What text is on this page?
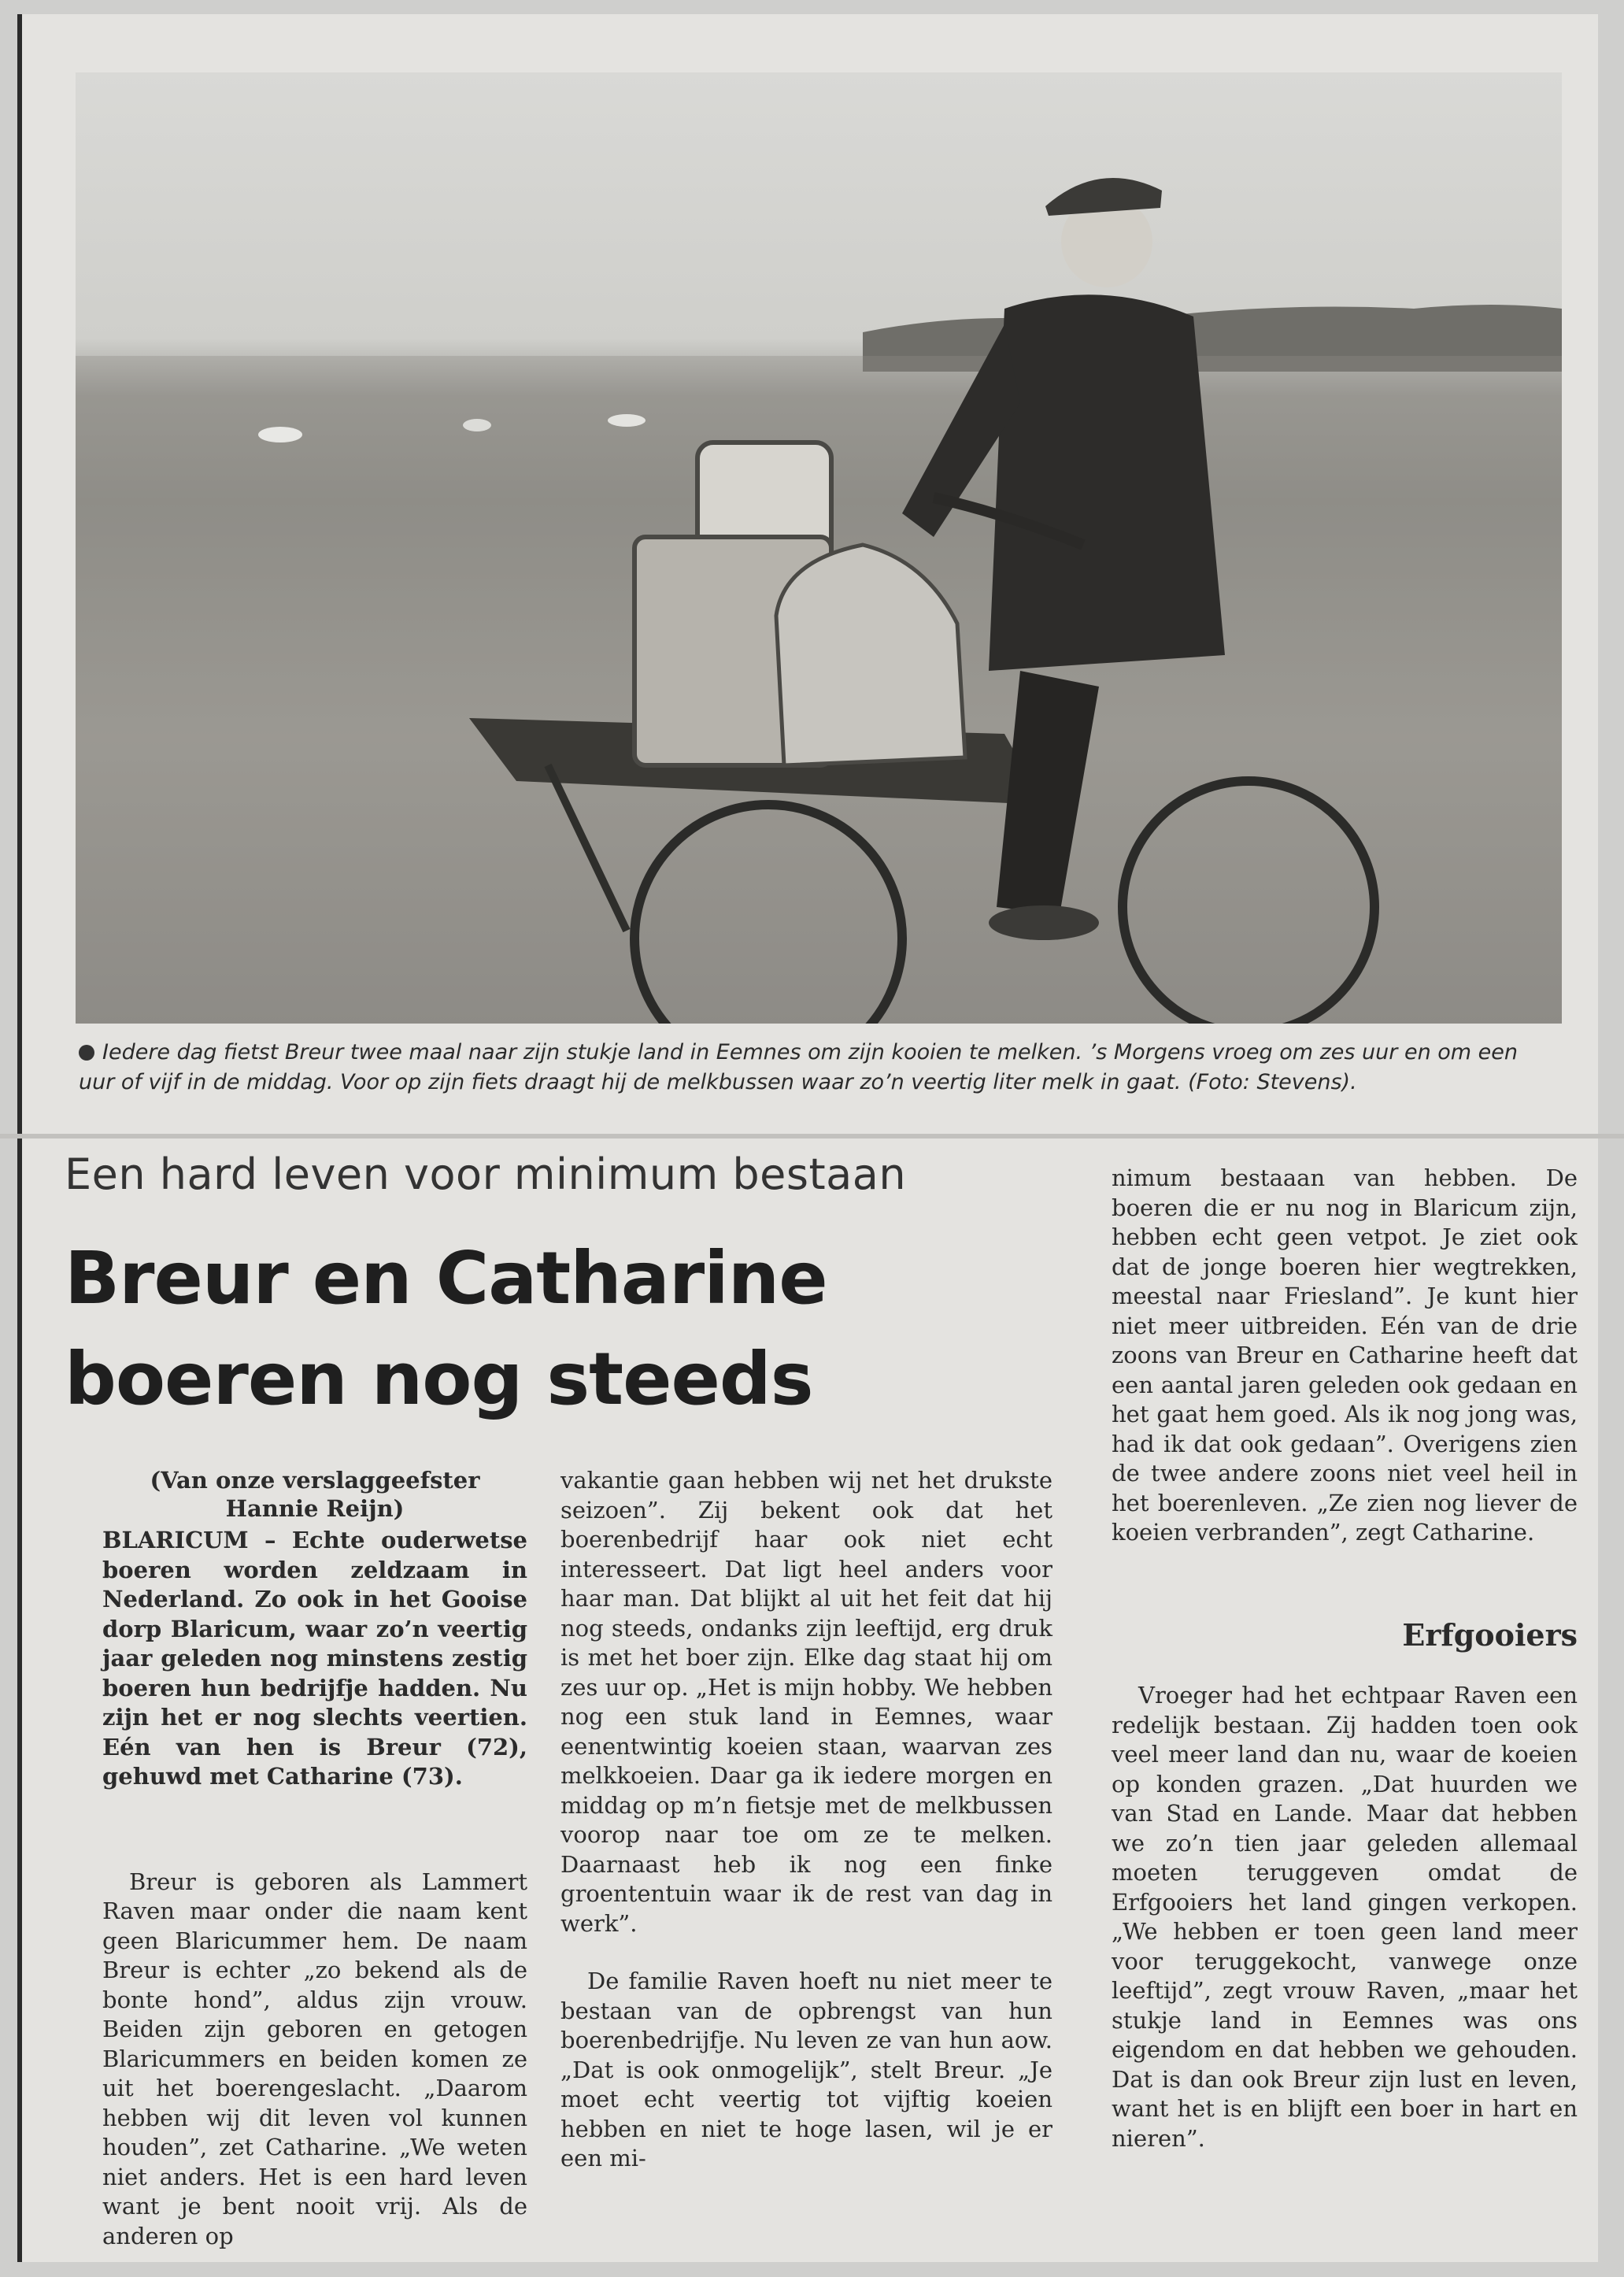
Iedere dag fietst Breur twee maal naar zijn stukje land in Eemnes om zijn kooien te melken. ’s Morgens vroeg om zes uur en om een uur of vijf in de middag. Voor op zijn fiets draagt hij de melkbussen waar zo’n veertig liter melk in gaat. (Foto: Stevens).
Een hard leven voor minimum bestaan
Breur en Catharine
boeren nog steeds
(Van onze verslaggeefster
Hannie Reijn)
BLARICUM – Echte ouderwetse boeren worden zeldzaam in Nederland. Zo ook in het Gooise dorp Blaricum, waar zo’n veertig jaar geleden nog minstens zestig boeren hun bedrijfje hadden. Nu zijn het er nog slechts veertien. Eén van hen is Breur (72), gehuwd met Catharine (73).

Breur is geboren als Lammert Raven maar onder die naam kent geen Blaricummer hem. De naam Breur is echter „zo bekend als de bonte hond”, aldus zijn vrouw. Beiden zijn geboren en getogen Blaricummers en beiden komen ze uit het boerengeslacht. „Daarom hebben wij dit leven vol kunnen houden”, zet Catharine. „We weten niet anders. Het is een hard leven want je bent nooit vrij. Als de anderen op

vakantie gaan hebben wij net het drukste seizoen”. Zij bekent ook dat het boerenbedrijf haar ook niet echt interesseert. Dat ligt heel anders voor haar man. Dat blijkt al uit het feit dat hij nog steeds, ondanks zijn leeftijd, erg druk is met het boer zijn. Elke dag staat hij om zes uur op. „Het is mijn hobby. We hebben nog een stuk land in Eemnes, waar eenentwintig koeien staan, waarvan zes melkkoeien. Daar ga ik iedere morgen en middag op m’n fietsje met de melkbussen voorop naar toe om ze te melken. Daarnaast heb ik nog een finke groententuin waar ik de rest van dag in werk”.

De familie Raven hoeft nu niet meer te bestaan van de opbrengst van hun boerenbedrijfje. Nu leven ze van hun aow. „Dat is ook onmogelijk”, stelt Breur. „Je moet echt veertig tot vijftig koeien hebben en niet te hoge lasen, wil je er een mi-

nimum bestaaan van hebben. De boeren die er nu nog in Blaricum zijn, hebben echt geen vetpot. Je ziet ook dat de jonge boeren hier wegtrekken, meestal naar Friesland”. Je kunt hier niet meer uitbreiden. Eén van de drie zoons van Breur en Catharine heeft dat een aantal jaren geleden ook gedaan en het gaat hem goed. Als ik nog jong was, had ik dat ook gedaan”. Overigens zien de twee andere zoons niet veel heil in het boerenleven. „Ze zien nog liever de koeien verbranden”, zegt Catharine.

Erfgooiers

Vroeger had het echtpaar Raven een redelijk bestaan. Zij hadden toen ook veel meer land dan nu, waar de koeien op konden grazen. „Dat huurden we van Stad en Lande. Maar dat hebben we zo’n tien jaar geleden allemaal moeten teruggeven omdat de Erfgooiers het land gingen verkopen. „We hebben er toen geen land meer voor teruggekocht, vanwege onze leeftijd”, zegt vrouw Raven, „maar het stukje land in Eemnes was ons eigendom en dat hebben we gehouden. Dat is dan ook Breur zijn lust en leven, want het is en blijft een boer in hart en nieren”.
